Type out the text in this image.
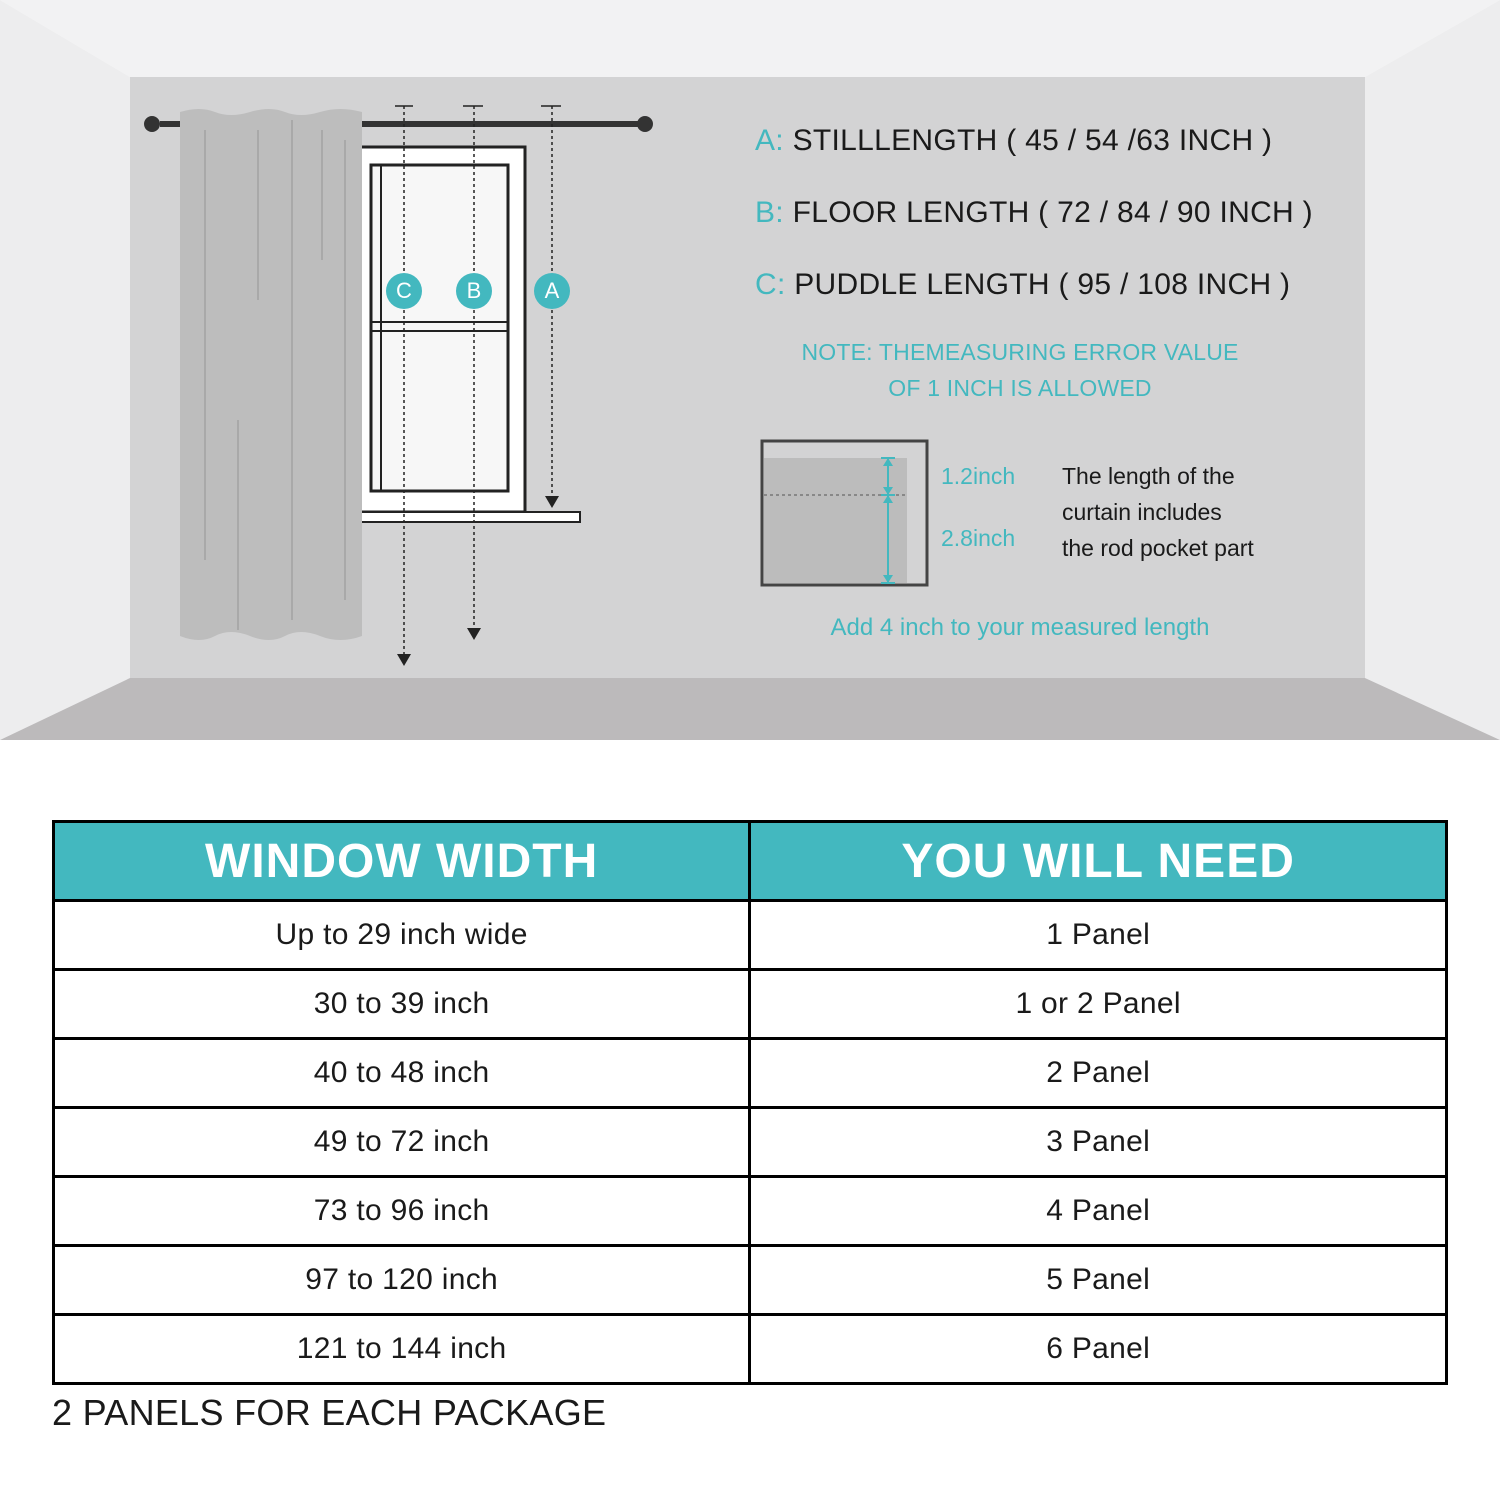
C	B	A
A: STILLLENGTH ( 45 / 54 /63 INCH )
B: FLOOR LENGTH ( 72 / 84 / 90 INCH )
C: PUDDLE LENGTH ( 95 / 108 INCH )
NOTE: THEMEASURING ERROR VALUE
OF 1 INCH IS ALLOWED
1.2inch
2.8inch
The length of the
curtain includes
the rod pocket part
Add 4 inch to your measured length
WINDOW WIDTH	YOU WILL NEED
Up to 29 inch wide	1 Panel
30 to 39 inch	1 or 2 Panel
40 to 48 inch	2 Panel
49 to 72 inch	3 Panel
73 to 96 inch	4 Panel
97 to 120 inch	5 Panel
121 to 144 inch	6 Panel
2 PANELS FOR EACH PACKAGE
